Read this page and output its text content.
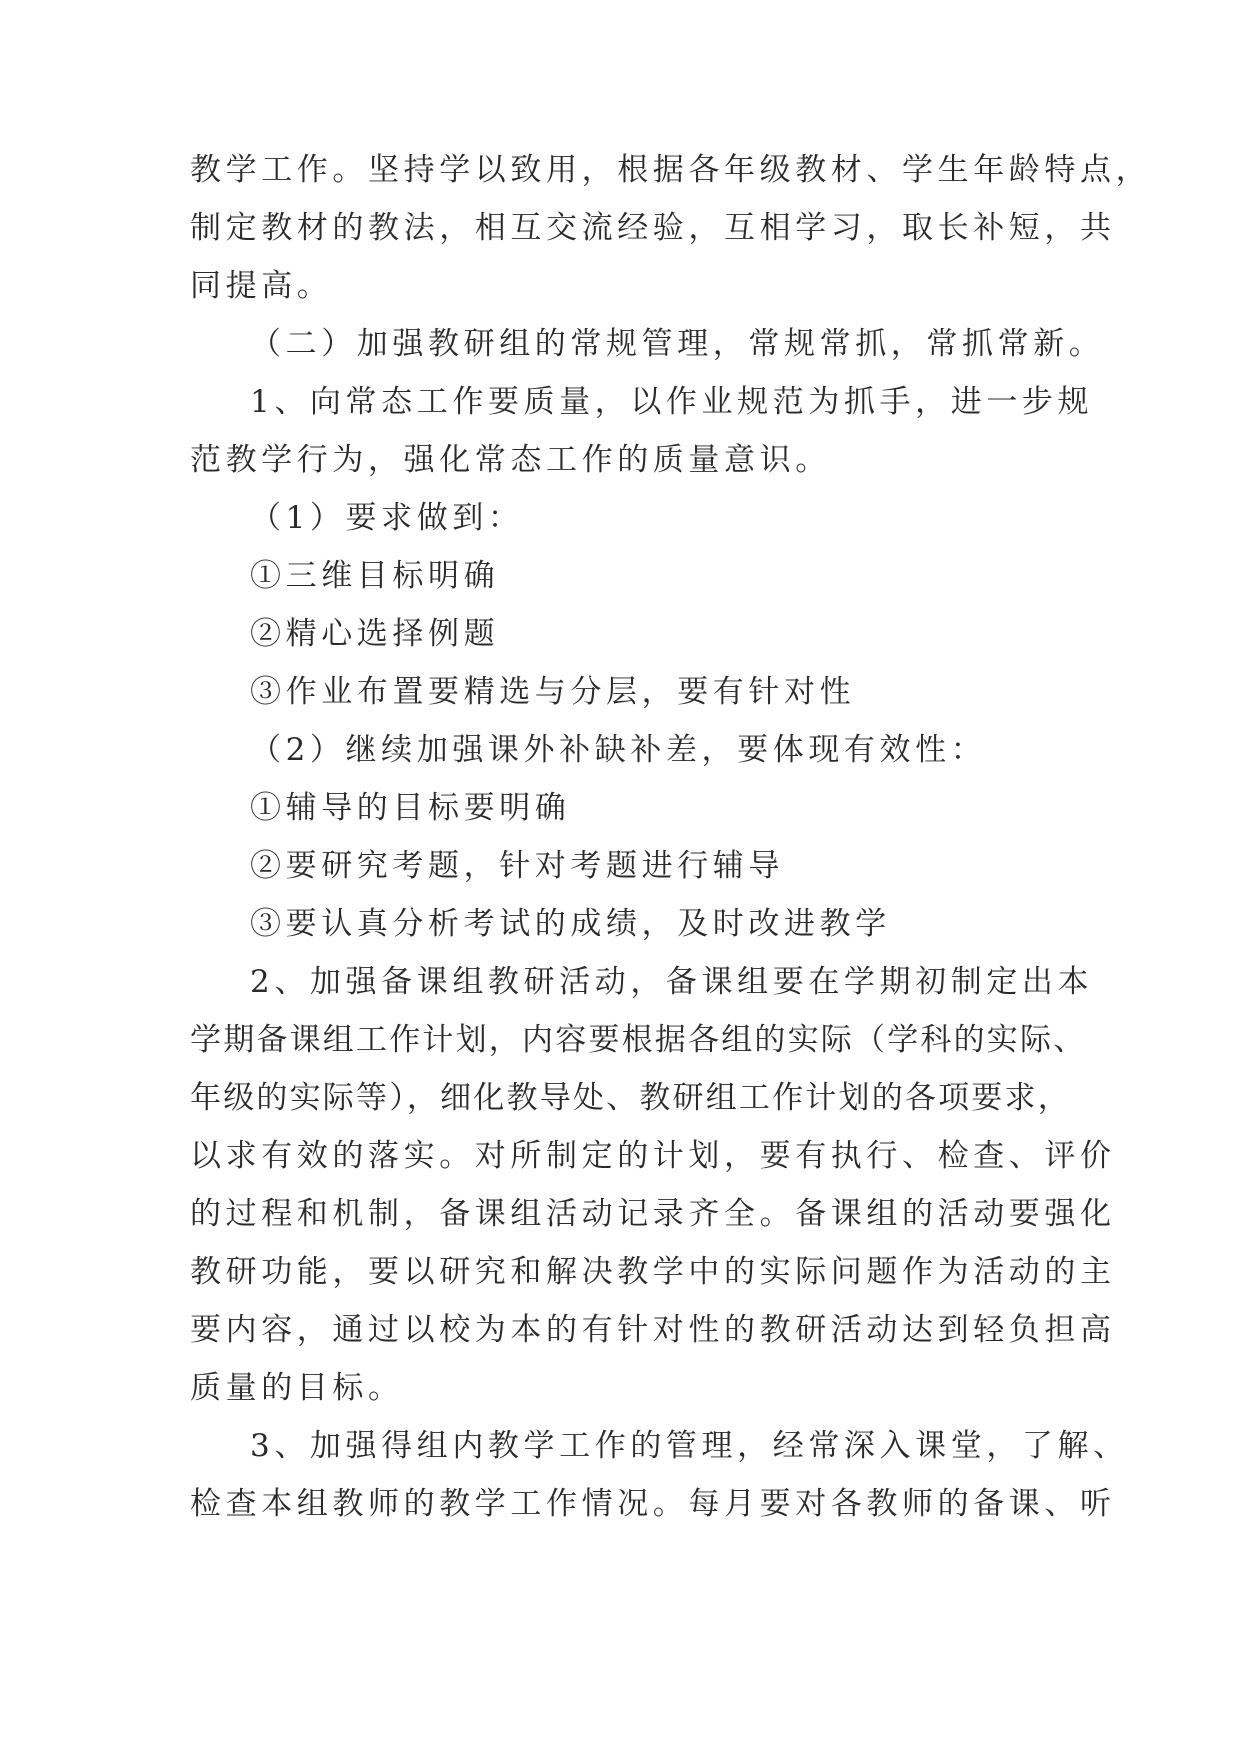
教学工作。坚持学以致用，根据各年级教材、学生年龄特点，
制定教材的教法，相互交流经验，互相学习，取长补短，共
同提高。
（二）加强教研组的常规管理，常规常抓，常抓常新。
1、向常态工作要质量，以作业规范为抓手，进一步规
范教学行为，强化常态工作的质量意识。
（1）要求做到：
①三维目标明确
②精心选择例题
③作业布置要精选与分层，要有针对性
（2）继续加强课外补缺补差，要体现有效性：
①辅导的目标要明确
②要研究考题，针对考题进行辅导
③要认真分析考试的成绩，及时改进教学
2、加强备课组教研活动，备课组要在学期初制定出本
学期备课组工作计划，内容要根据各组的实际（学科的实际、
年级的实际等），细化教导处、教研组工作计划的各项要求，
以求有效的落实。对所制定的计划，要有执行、检查、评价
的过程和机制，备课组活动记录齐全。备课组的活动要强化
教研功能，要以研究和解决教学中的实际问题作为活动的主
要内容，通过以校为本的有针对性的教研活动达到轻负担高
质量的目标。
3、加强得组内教学工作的管理，经常深入课堂，了解、
检查本组教师的教学工作情况。每月要对各教师的备课、听
